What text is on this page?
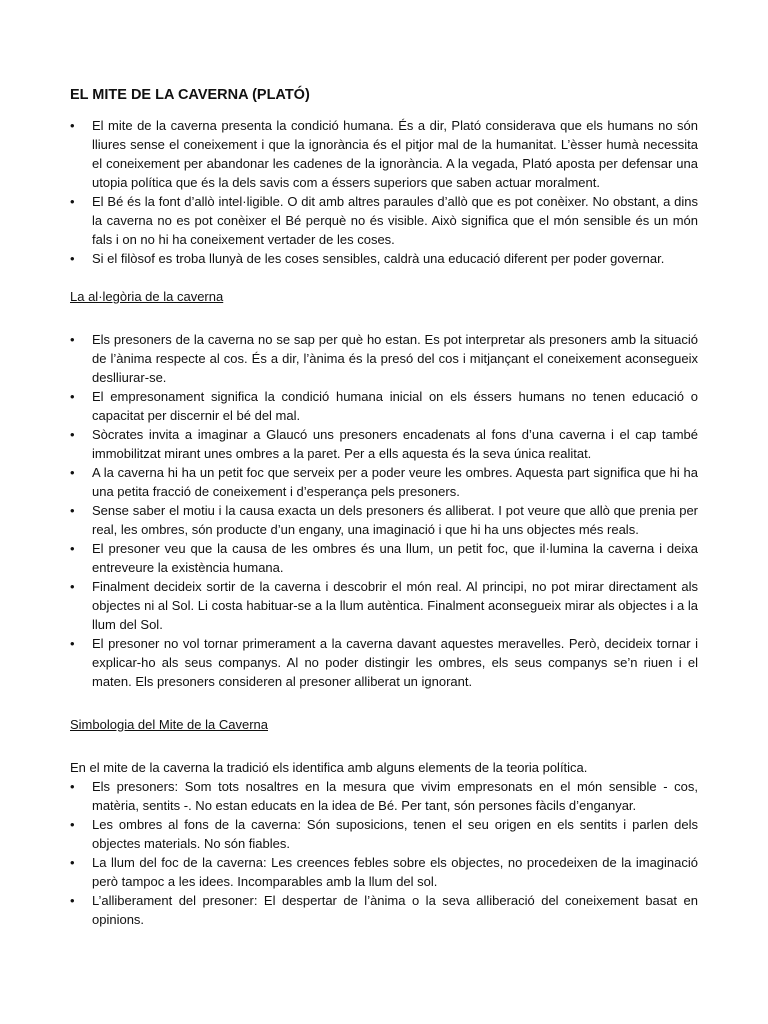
EL MITE DE LA CAVERNA (PLATÓ)
• El mite de la caverna presenta la condició humana. És a dir, Plató considerava que els humans no són lliures sense el coneixement i que la ignorància és el pitjor mal de la humanitat. L’èsser humà necessita el coneixement per abandonar les cadenes de la ignorància. A la vegada, Plató aposta per defensar una utopia política que és la dels savis com a éssers superiors que saben actuar moralment.
• El Bé és la font d’allò intel·ligible. O dit amb altres paraules d’allò que es pot conèixer. No obstant, a dins la caverna no es pot conèixer el Bé perquè no és visible. Això significa que el món sensible és un món fals i on no hi ha coneixement vertader de les coses.
• Si el filòsof es troba llunyà de les coses sensibles, caldrà una educació diferent per poder governar.

La al·legòria de la caverna

• Els presoners de la caverna no se sap per què ho estan. Es pot interpretar als presoners amb la situació de l’ànima respecte al cos. És a dir, l’ànima és la presó del cos i mitjançant el coneixement aconsegueix deslliurar-se.
• El empresonament significa la condició humana inicial on els éssers humans no tenen educació o capacitat per discernir el bé del mal.
• Sòcrates invita a imaginar a Glaucó uns presoners encadenats al fons d’una caverna i el cap també immobilitzat mirant unes ombres a la paret. Per a ells aquesta és la seva única realitat.
• A la caverna hi ha un petit foc que serveix per a poder veure les ombres. Aquesta part significa que hi ha una petita fracció de coneixement i d’esperança pels presoners.
• Sense saber el motiu i la causa exacta un dels presoners és alliberat. I pot veure que allò que prenia per real, les ombres, són producte d’un engany, una imaginació i que hi ha uns objectes més reals.
• El presoner veu que la causa de les ombres és una llum, un petit foc, que il·lumina la caverna i deixa entreveure la existència humana.
• Finalment decideix sortir de la caverna i descobrir el món real. Al principi, no pot mirar directament als objectes ni al Sol. Li costa habituar-se a la llum autèntica. Finalment aconsegueix mirar als objectes i a la llum del Sol.
• El presoner no vol tornar primerament a la caverna davant aquestes meravelles. Però, decideix tornar i explicar-ho als seus companys. Al no poder distingir les ombres, els seus companys se’n riuen i el maten. Els presoners consideren al presoner alliberat un ignorant.

Simbologia del Mite de la Caverna

En el mite de la caverna la tradició els identifica amb alguns elements de la teoria política.

• Els presoners: Som tots nosaltres en la mesura que vivim empresonats en el món sensible - cos, matèria, sentits -. No estan educats en la idea de Bé. Per tant, són persones fàcils d’enganyar.
• Les ombres al fons de la caverna: Són suposicions, tenen el seu origen en els sentits i parlen dels objectes materials. No són fiables.
• La llum del foc de la caverna: Les creences febles sobre els objectes, no procedeixen de la imaginació però tampoc a les idees. Incomparables amb la llum del sol.
• L’alliberament del presoner: El despertar de l’ànima o la seva alliberació del coneixement basat en opinions.
